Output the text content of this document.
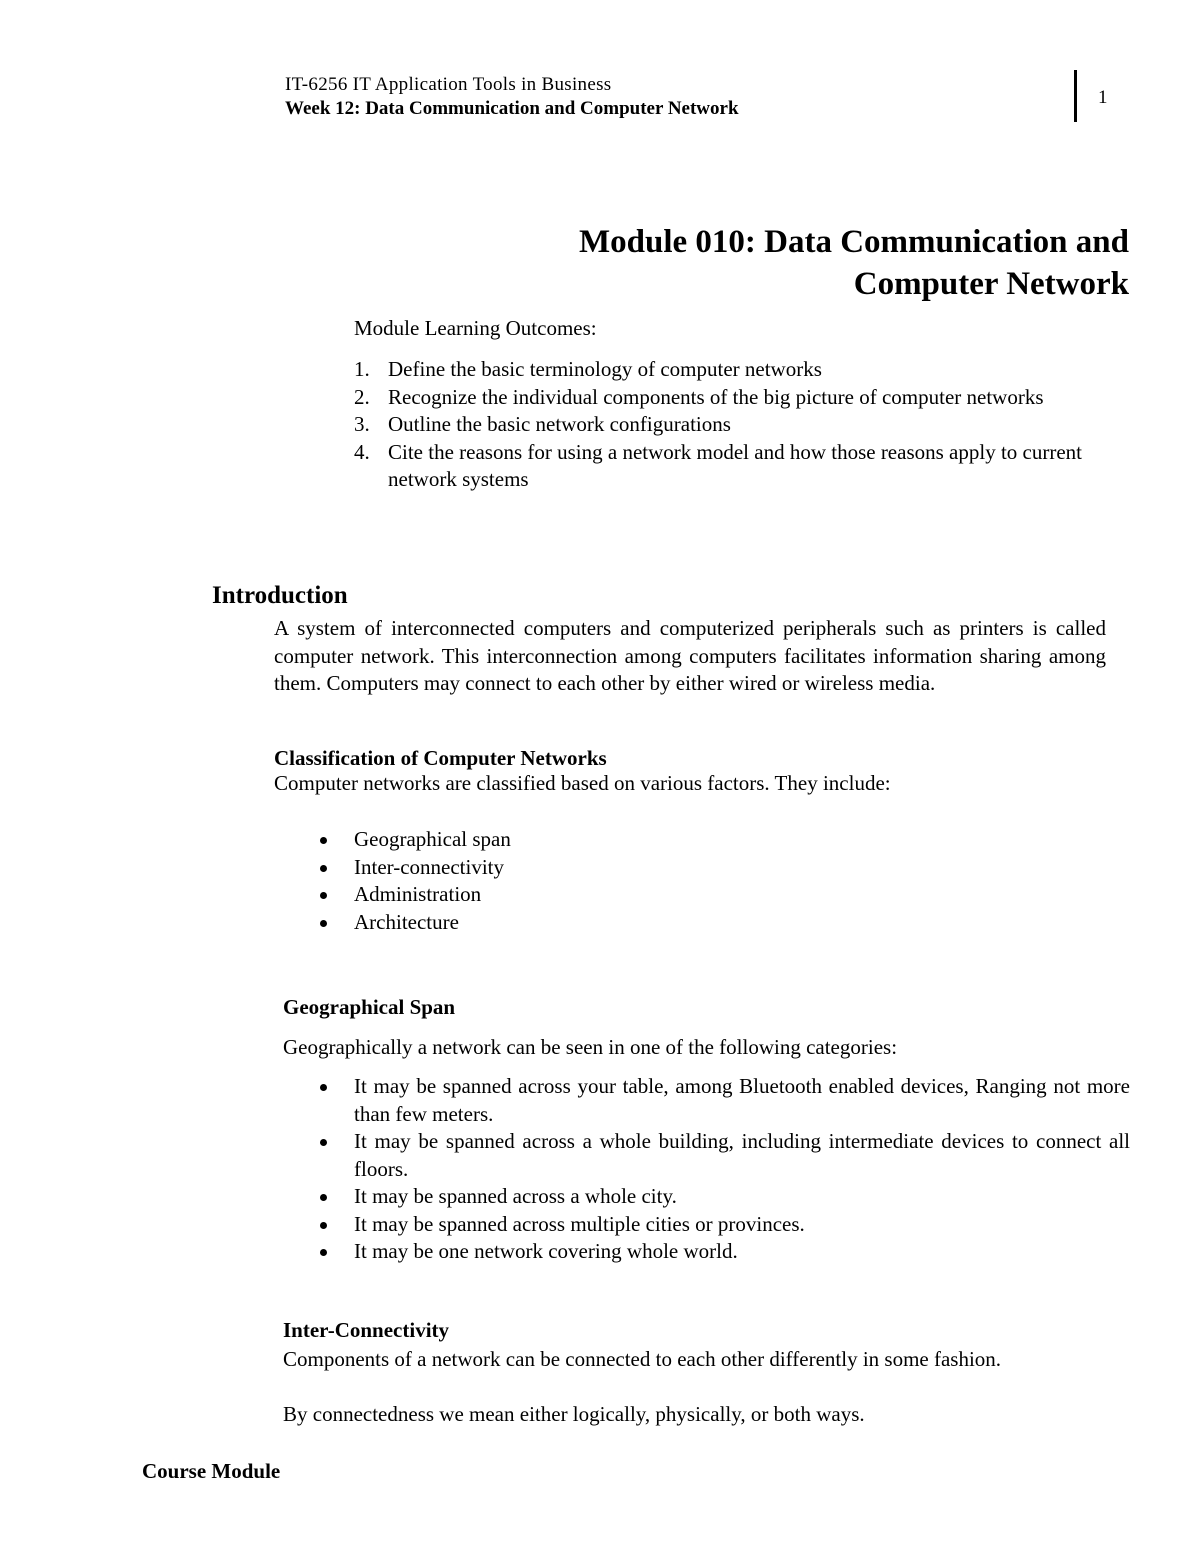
IT-6256 IT Application Tools in Business
Week 12: Data Communication and Computer Network
1
Module 010: Data Communication and
Computer Network
Module Learning Outcomes:
1. Define the basic terminology of computer networks
2. Recognize the individual components of the big picture of computer networks
3. Outline the basic network configurations
4. Cite the reasons for using a network model and how those reasons apply to current network systems
Introduction
A system of interconnected computers and computerized peripherals such as printers is called computer network. This interconnection among computers facilitates information sharing among them. Computers may connect to each other by either wired or wireless media.
Classification of Computer Networks
Computer networks are classified based on various factors. They include:
Geographical span
Inter-connectivity
Administration
Architecture
Geographical Span
Geographically a network can be seen in one of the following categories:
It may be spanned across your table, among Bluetooth enabled devices, Ranging not more than few meters.
It may be spanned across a whole building, including intermediate devices to connect all floors.
It may be spanned across a whole city.
It may be spanned across multiple cities or provinces.
It may be one network covering whole world.
Inter-Connectivity
Components of a network can be connected to each other differently in some fashion.
By connectedness we mean either logically, physically, or both ways.
Course Module
